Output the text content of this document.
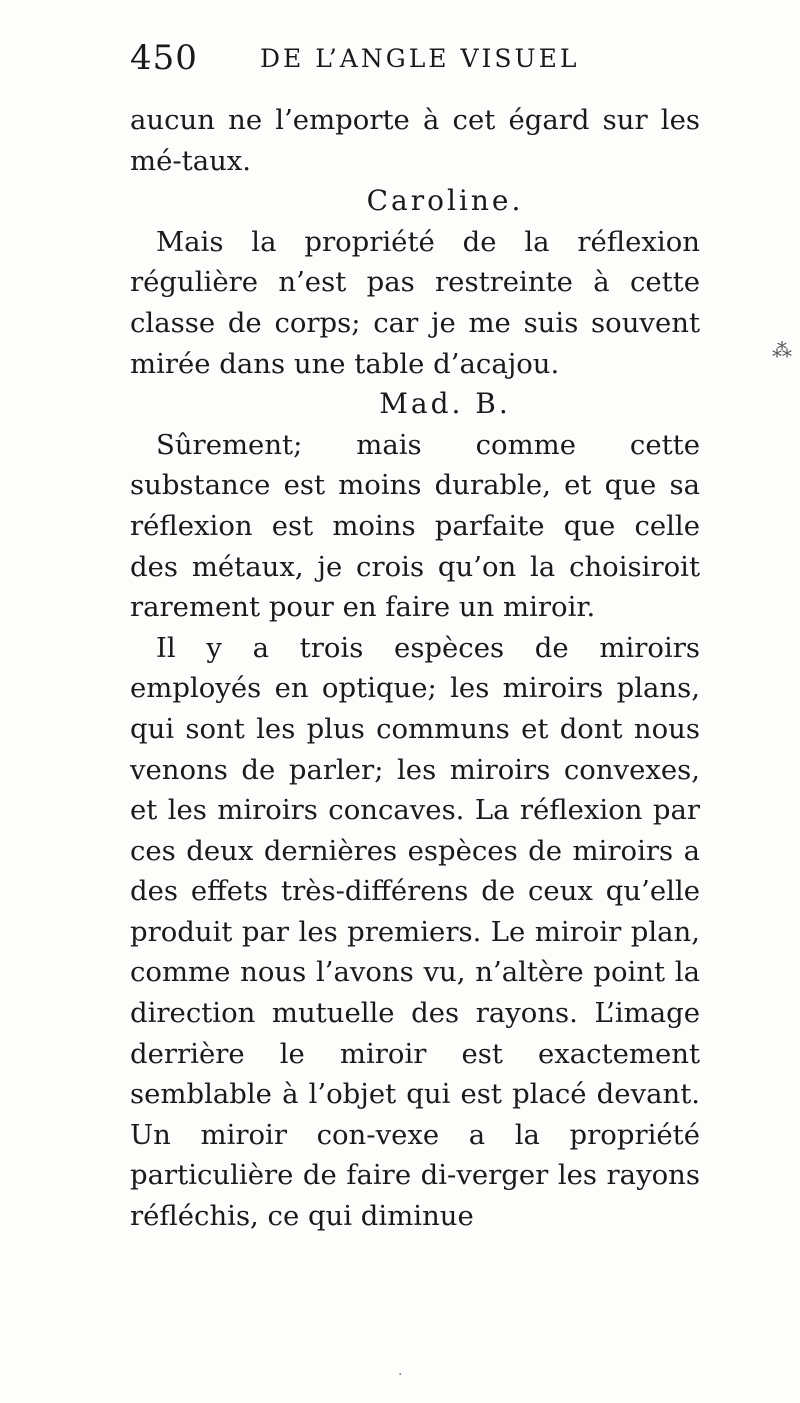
450 DE L’ANGLE VISUEL

aucun ne l’emporte à cet égard sur les mé-taux.

Caroline.

Mais la propriété de la réflexion régulière n’est pas restreinte à cette classe de corps; car je me suis souvent mirée dans une table d’acajou.

Mad. B.

Sûrement; mais comme cette substance est moins durable, et que sa réflexion est moins parfaite que celle des métaux, je crois qu’on la choisiroit rarement pour en faire un miroir.

Il y a trois espèces de miroirs employés en optique; les miroirs plans, qui sont les plus communs et dont nous venons de parler; les miroirs convexes, et les miroirs concaves. La réflexion par ces deux dernières espèces de miroirs a des effets très-différens de ceux qu’elle produit par les premiers. Le miroir plan, comme nous l’avons vu, n’altère point la direction mutuelle des rayons. L’image derrière le miroir est exactement semblable à l’objet qui est placé devant. Un miroir con-vexe a la propriété particulière de faire di-verger les rayons réfléchis, ce qui diminue

⁂
·
